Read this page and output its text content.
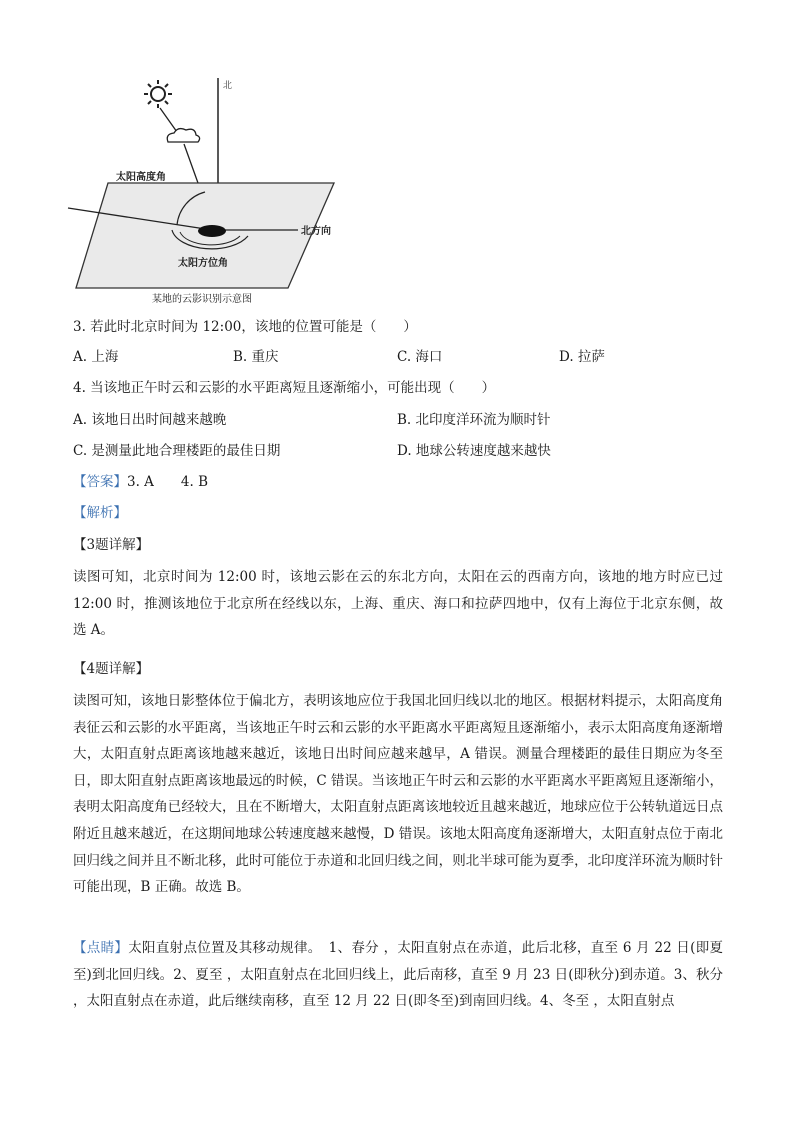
北
太阳高度角
北方向
太阳方位角
某地的云影识别示意图
3. 若此时北京时间为 12:00，该地的位置可能是（　　）
A. 上海	B. 重庆	C. 海口	D. 拉萨
4. 当该地正午时云和云影的水平距离短且逐渐缩小，可能出现（　　）
A. 该地日出时间越来越晚	B. 北印度洋环流为顺时针
C. 是测量此地合理楼距的最佳日期	D. 地球公转速度越来越快
【答案】3. A　　4. B
【解析】
【3题详解】
读图可知，北京时间为 12:00 时，该地云影在云的东北方向，太阳在云的西南方向，该地的地方时应已过 12:00 时，推测该地位于北京所在经线以东，上海、重庆、海口和拉萨四地中，仅有上海位于北京东侧，故选 A。
【4题详解】
读图可知，该地日影整体位于偏北方，表明该地应位于我国北回归线以北的地区。根据材料提示，太阳高度角表征云和云影的水平距离，当该地正午时云和云影的水平距离水平距离短且逐渐缩小，表示太阳高度角逐渐增大，太阳直射点距离该地越来越近，该地日出时间应越来越早，A 错误。测量合理楼距的最佳日期应为冬至日，即太阳直射点距离该地最远的时候，C 错误。当该地正午时云和云影的水平距离水平距离短且逐渐缩小，表明太阳高度角已经较大，且在不断增大，太阳直射点距离该地较近且越来越近，地球应位于公转轨道远日点附近且越来越近，在这期间地球公转速度越来越慢，D 错误。该地太阳高度角逐渐增大，太阳直射点位于南北回归线之间并且不断北移，此时可能位于赤道和北回归线之间，则北半球可能为夏季，北印度洋环流为顺时针可能出现，B 正确。故选 B。
【点睛】太阳直射点位置及其移动规律。　1、春分 ，太阳直射点在赤道，此后北移，直至 6 月 22 日(即夏至)到北回归线。2、夏至 ，太阳直射点在北回归线上，此后南移，直至 9 月 23 日(即秋分)到赤道。3、秋分 ，太阳直射点在赤道，此后继续南移，直至 12 月 22 日(即冬至)到南回归线。4、冬至 ，太阳直射点
